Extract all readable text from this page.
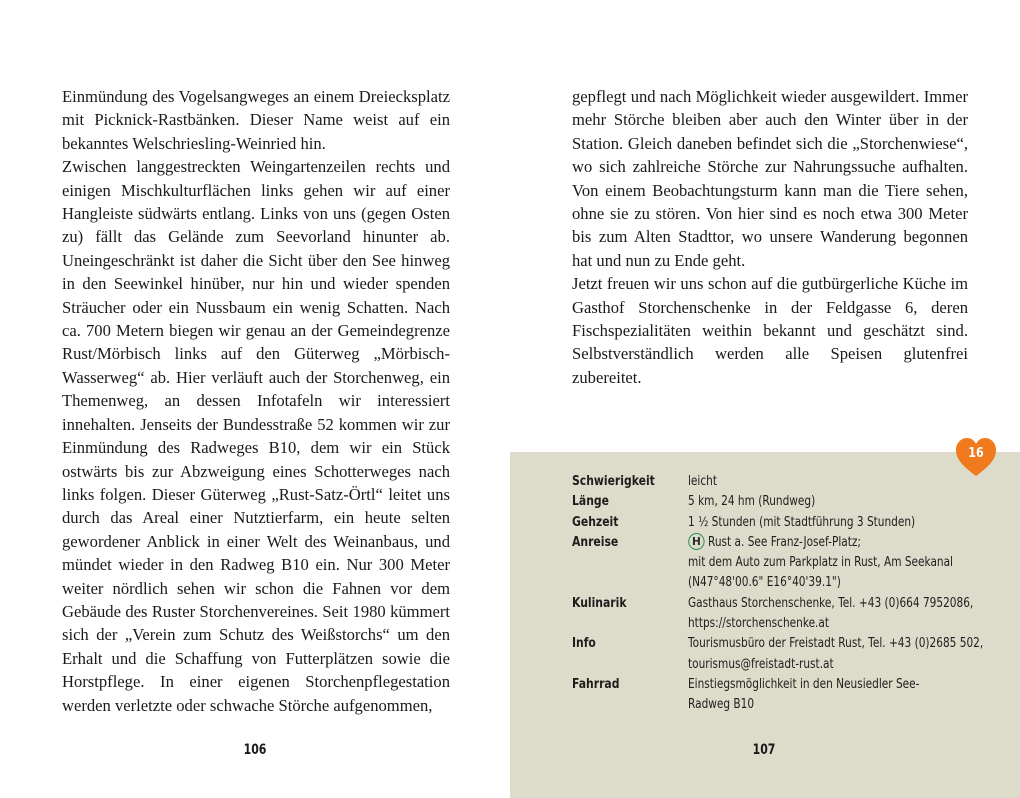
Einmündung des Vogelsangweges an einem Dreiecksplatz mit Picknick-Rastbänken. Dieser Name weist auf ein bekanntes Welschriesling-Weinried hin.

Zwischen langgestreckten Weingartenzeilen rechts und einigen Mischkulturflächen links gehen wir auf einer Hangleiste südwärts entlang. Links von uns (gegen Osten zu) fällt das Gelände zum Seevorland hinunter ab. Uneingeschränkt ist daher die Sicht über den See hinweg in den Seewinkel hinüber, nur hin und wieder spenden Sträucher oder ein Nussbaum ein wenig Schatten. Nach ca. 700 Metern biegen wir genau an der Gemeindegrenze Rust/Mörbisch links auf den Güterweg „Mörbisch-Wasserweg“ ab. Hier verläuft auch der Storchenweg, ein Themenweg, an dessen Infotafeln wir interessiert innehalten. Jenseits der Bundesstraße 52 kommen wir zur Einmündung des Radweges B10, dem wir ein Stück ostwärts bis zur Abzweigung eines Schotterweges nach links folgen. Dieser Güterweg „Rust-Satz-Örtl“ leitet uns durch das Areal einer Nutztierfarm, ein heute selten gewordener Anblick in einer Welt des Weinanbaus, und mündet wieder in den Radweg B10 ein. Nur 300 Meter weiter nördlich sehen wir schon die Fahnen vor dem Gebäude des Ruster Storchenvereines. Seit 1980 kümmert sich der „Verein zum Schutz des Weißstorchs“ um den Erhalt und die Schaffung von Futterplätzen sowie die Horstpflege. In einer eigenen Storchenpflegestation werden verletzte oder schwache Störche aufgenommen,

106

gepflegt und nach Möglichkeit wieder ausgewildert. Immer mehr Störche bleiben aber auch den Winter über in der Station. Gleich daneben befindet sich die „Storchenwiese“, wo sich zahlreiche Störche zur Nahrungssuche aufhalten. Von einem Beobachtungsturm kann man die Tiere sehen, ohne sie zu stören. Von hier sind es noch etwa 300 Meter bis zum Alten Stadttor, wo unsere Wanderung begonnen hat und nun zu Ende geht.

Jetzt freuen wir uns schon auf die gutbürgerliche Küche im Gasthof Storchenschenke in der Feldgasse 6, deren Fischspezialitäten weithin bekannt und geschätzt sind. Selbstverständlich werden alle Speisen glutenfrei zubereitet.

16
Schwierigkeit	leicht
Länge	5 km, 24 hm (Rundweg)
Gehzeit	1 ½ Stunden (mit Stadtführung 3 Stunden)
Anreise	H Rust a. See Franz-Josef-Platz;
mit dem Auto zum Parkplatz in Rust, Am Seekanal
(N47°48'00.6" E16°40'39.1")
Kulinarik	Gasthaus Storchenschenke, Tel. +43 (0)664 7952086,
https://storchenschenke.at
Info	Tourismusbüro der Freistadt Rust, Tel. +43 (0)2685 502,
tourismus@freistadt-rust.at
Fahrrad	Einstiegsmöglichkeit in den Neusiedler See-
Radweg B10
107
